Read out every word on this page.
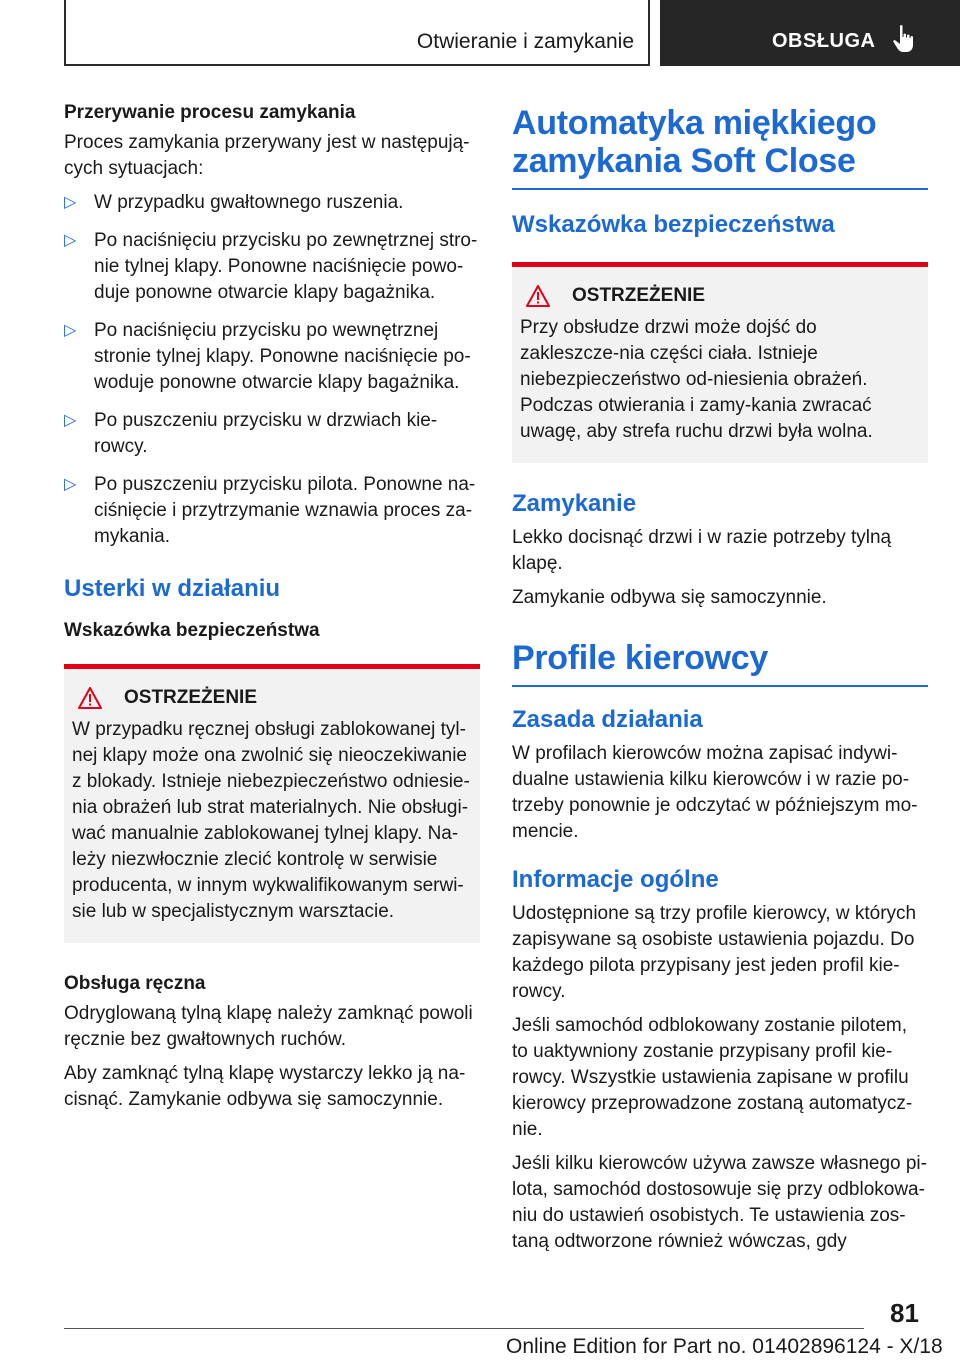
Otwieranie i zamykanie	OBSŁUGA
Przerywanie procesu zamykania

Proces zamykania przerywany jest w następują‐cych sytuacjach:

▷ W przypadku gwałtownego ruszenia.
▷ Po naciśnięciu przycisku po zewnętrznej stro‐nie tylnej klapy. Ponowne naciśnięcie powo‐duje ponowne otwarcie klapy bagażnika.
▷ Po naciśnięciu przycisku po wewnętrznej stronie tylnej klapy. Ponowne naciśnięcie po‐woduje ponowne otwarcie klapy bagażnika.
▷ Po puszczeniu przycisku w drzwiach kie‐rowcy.
▷ Po puszczeniu przycisku pilota. Ponowne na‐ciśnięcie i przytrzymanie wznawia proces za‐mykania.
Usterki w działaniu
Wskazówka bezpieczeństwa
OSTRZEŻENIE

W przypadku ręcznej obsługi zablokowanej tyl‐nej klapy może ona zwolnić się nieoczekiwanie z blokady. Istnieje niebezpieczeństwo odniesie‐nia obrażeń lub strat materialnych. Nie obsługi‐wać manualnie zablokowanej tylnej klapy. Na‐leży niezwłocznie zlecić kontrolę w serwisie producenta, w innym wykwalifikowanym serwi‐sie lub w specjalistycznym warsztacie.

Obsługa ręczna

Odryglowaną tylną klapę należy zamknąć powoli ręcznie bez gwałtownych ruchów.

Aby zamknąć tylną klapę wystarczy lekko ją na‐cisnąć. Zamykanie odbywa się samoczynnie.

Automatyka miękkiego
zamykania Soft Close
Wskazówka bezpieczeństwa
OSTRZEŻENIE

Przy obsłudze drzwi może dojść do zakleszcze‐nia części ciała. Istnieje niebezpieczeństwo od‐niesienia obrażeń. Podczas otwierania i zamy‐kania zwracać uwagę, aby strefa ruchu drzwi była wolna.

Zamykanie

Lekko docisnąć drzwi i w razie potrzeby tylną klapę.

Zamykanie odbywa się samoczynnie.

Profile kierowcy
Zasada działania

W profilach kierowców można zapisać indywi‐dualne ustawienia kilku kierowców i w razie po‐trzeby ponownie je odczytać w późniejszym mo‐mencie.

Informacje ogólne

Udostępnione są trzy profile kierowcy, w których zapisywane są osobiste ustawienia pojazdu. Do każdego pilota przypisany jest jeden profil kie‐rowcy.

Jeśli samochód odblokowany zostanie pilotem, to uaktywniony zostanie przypisany profil kie‐rowcy. Wszystkie ustawienia zapisane w profilu kierowcy przeprowadzone zostaną automatycz‐nie.

Jeśli kilku kierowców używa zawsze własnego pi‐lota, samochód dostosowuje się przy odblokowa‐niu do ustawień osobistych. Te ustawienia zos‐taną odtworzone również wówczas, gdy

81
Online Edition for Part no. 01402896124 - X/18
